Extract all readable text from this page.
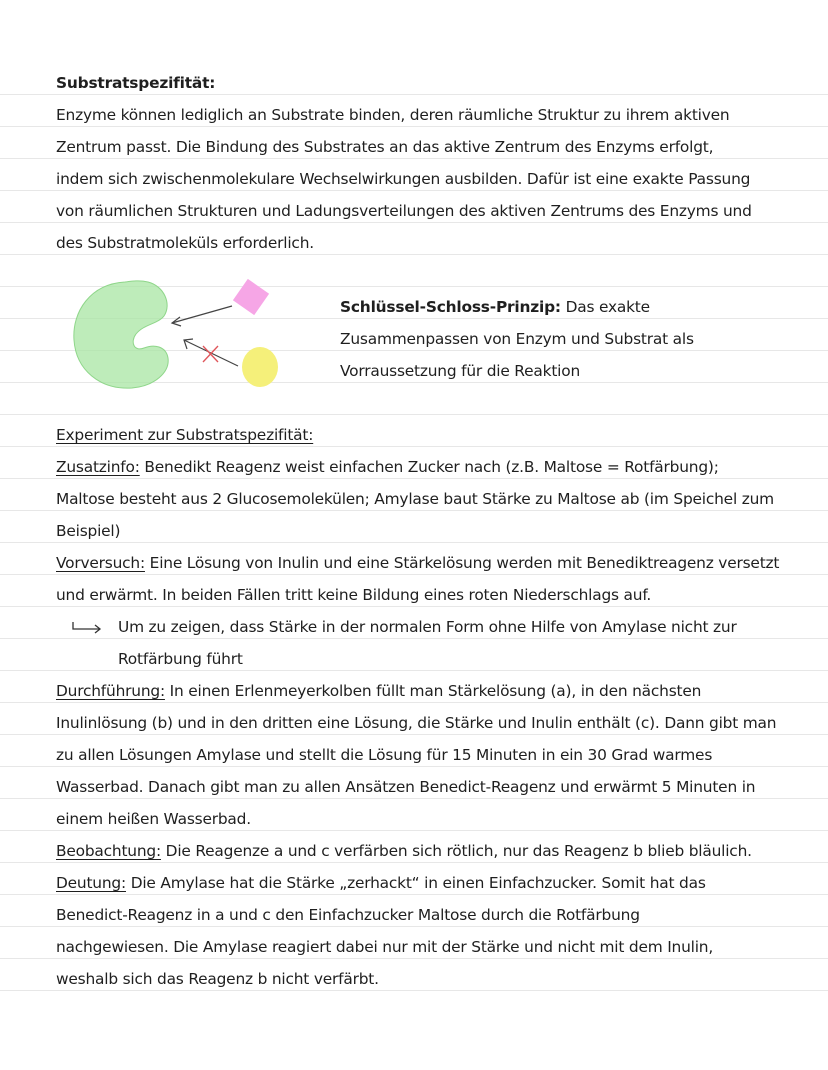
Substratspezifität:
Enzyme können lediglich an Substrate binden, deren räumliche Struktur zu ihrem aktiven
Zentrum passt. Die Bindung des Substrates an das aktive Zentrum des Enzyms erfolgt,
indem sich zwischenmolekulare Wechselwirkungen ausbilden. Dafür ist eine exakte Passung
von räumlichen Strukturen und Ladungsverteilungen des aktiven Zentrums des Enzyms und
des Substratmoleküls erforderlich.
Schlüssel-Schloss-Prinzip: Das exakte
Zusammenpassen von Enzym und Substrat als
Vorraussetzung für die Reaktion
Experiment zur Substratspezifität:
Zusatzinfo: Benedikt Reagenz weist einfachen Zucker nach (z.B. Maltose = Rotfärbung);
Maltose besteht aus 2 Glucosemolekülen; Amylase baut Stärke zu Maltose ab (im Speichel zum
Beispiel)
Vorversuch: Eine Lösung von Inulin und eine Stärkelösung werden mit Benediktreagenz versetzt
und erwärmt. In beiden Fällen tritt keine Bildung eines roten Niederschlags auf.
Um zu zeigen, dass Stärke in der normalen Form ohne Hilfe von Amylase nicht zur
Rotfärbung führt
Durchführung: In einen Erlenmeyerkolben füllt man Stärkelösung (a), in den nächsten
Inulinlösung (b) und in den dritten eine Lösung, die Stärke und Inulin enthält (c). Dann gibt man
zu allen Lösungen Amylase und stellt die Lösung für 15 Minuten in ein 30 Grad warmes
Wasserbad. Danach gibt man zu allen Ansätzen Benedict-Reagenz und erwärmt 5 Minuten in
einem heißen Wasserbad.
Beobachtung: Die Reagenze a und c verfärben sich rötlich, nur das Reagenz b blieb bläulich.
Deutung: Die Amylase hat die Stärke „zerhackt“ in einen Einfachzucker. Somit hat das
Benedict-Reagenz in a und c den Einfachzucker Maltose durch die Rotfärbung
nachgewiesen. Die Amylase reagiert dabei nur mit der Stärke und nicht mit dem Inulin,
weshalb sich das Reagenz b nicht verfärbt.
